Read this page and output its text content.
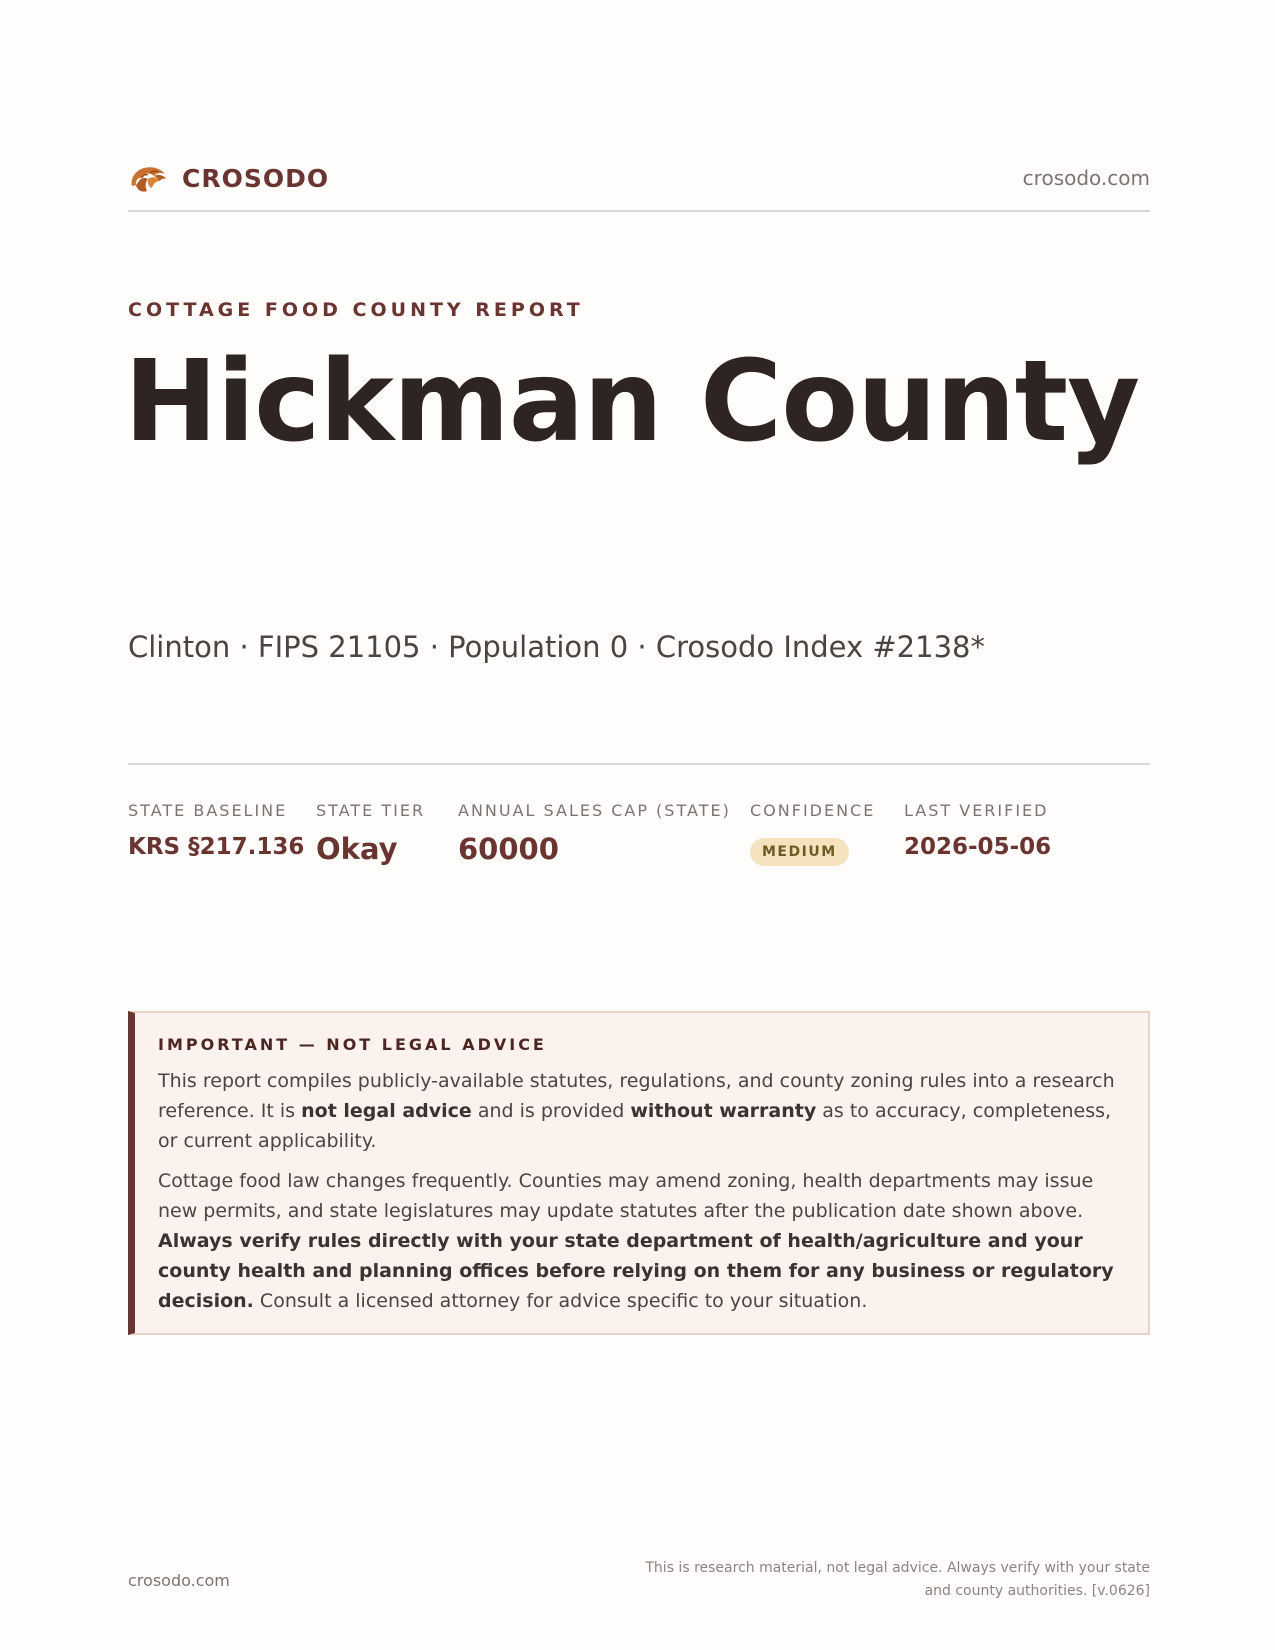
CROSODO	crosodo.com
COTTAGE FOOD COUNTY REPORT
Hickman County
Clinton · FIPS 21105 · Population 0 · Crosodo Index #2138*
STATE BASELINE
KRS §217.136
STATE TIER
Okay
ANNUAL SALES CAP (STATE)
60000
CONFIDENCE
MEDIUM
LAST VERIFIED
2026-05-06
IMPORTANT — NOT LEGAL ADVICE

This report compiles publicly-available statutes, regulations, and county zoning rules into a research reference. It is not legal advice and is provided without warranty as to accuracy, completeness, or current applicability.

Cottage food law changes frequently. Counties may amend zoning, health departments may issue new permits, and state legislatures may update statutes after the publication date shown above. Always verify rules directly with your state department of health/agriculture and your county health and planning offices before relying on them for any business or regulatory decision. Consult a licensed attorney for advice specific to your situation.

crosodo.com
This is research material, not legal advice. Always verify with your state
and county authorities. [v.0626]
